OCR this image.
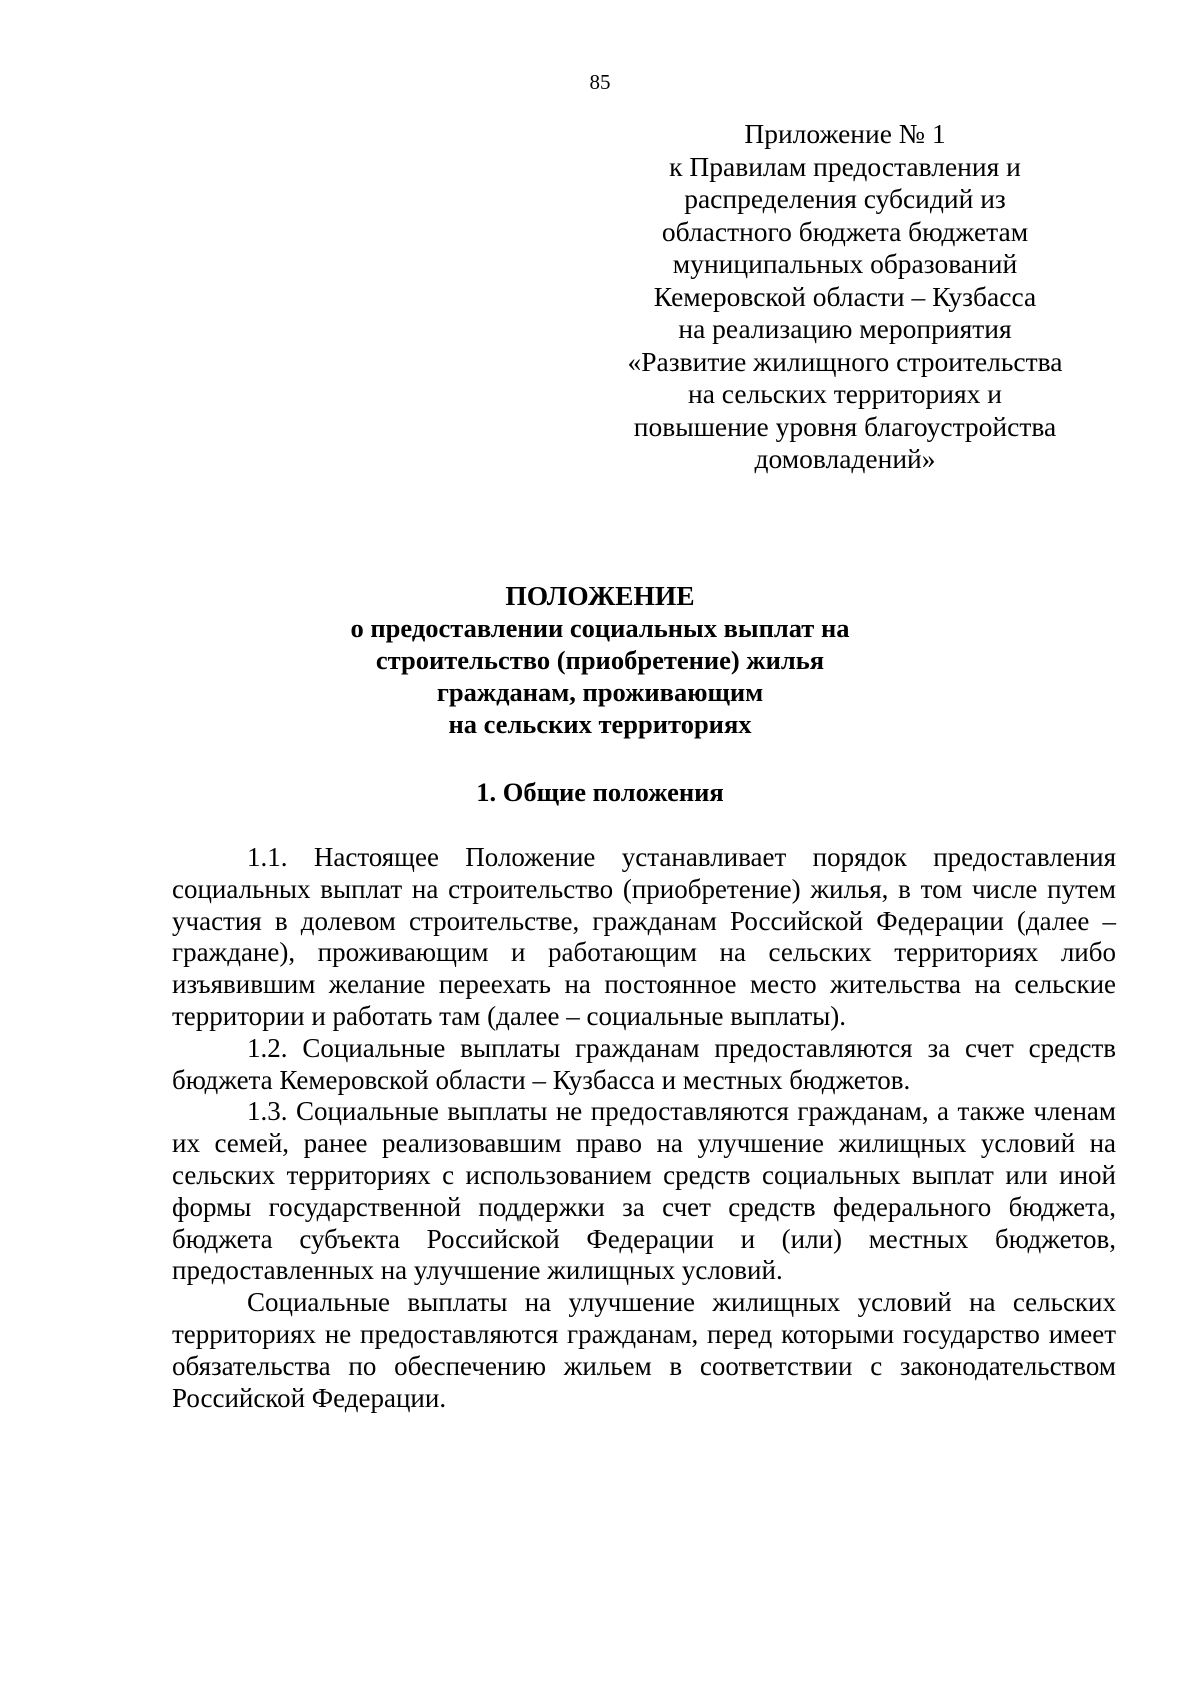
85
Приложение № 1
к Правилам предоставления и
распределения субсидий из
областного бюджета бюджетам
муниципальных образований
Кемеровской области – Кузбасса
на реализацию мероприятия
«Развитие жилищного строительства
на сельских территориях и
повышение уровня благоустройства
домовладений»
ПОЛОЖЕНИЕ
о предоставлении социальных выплат на
строительство (приобретение) жилья
гражданам, проживающим
на сельских территориях
1. Общие положения

1.1. Настоящее Положение устанавливает порядок предоставления социальных выплат на строительство (приобретение) жилья, в том числе путем участия в долевом строительстве, гражданам Российской Федерации (далее – граждане), проживающим и работающим на сельских территориях либо изъявившим желание переехать на постоянное место жительства на сельские территории и работать там (далее – социальные выплаты).

1.2. Социальные выплаты гражданам предоставляются за счет средств бюджета Кемеровской области – Кузбасса и местных бюджетов.

1.3. Социальные выплаты не предоставляются гражданам, а также членам их семей, ранее реализовавшим право на улучшение жилищных условий на сельских территориях с использованием средств социальных выплат или иной формы государственной поддержки за счет средств федерального бюджета, бюджета субъекта Российской Федерации и (или) местных бюджетов, предоставленных на улучшение жилищных условий.

Социальные выплаты на улучшение жилищных условий на сельских территориях не предоставляются гражданам, перед которыми государство имеет обязательства по обеспечению жильем в соответствии с законодательством Российской Федерации.
